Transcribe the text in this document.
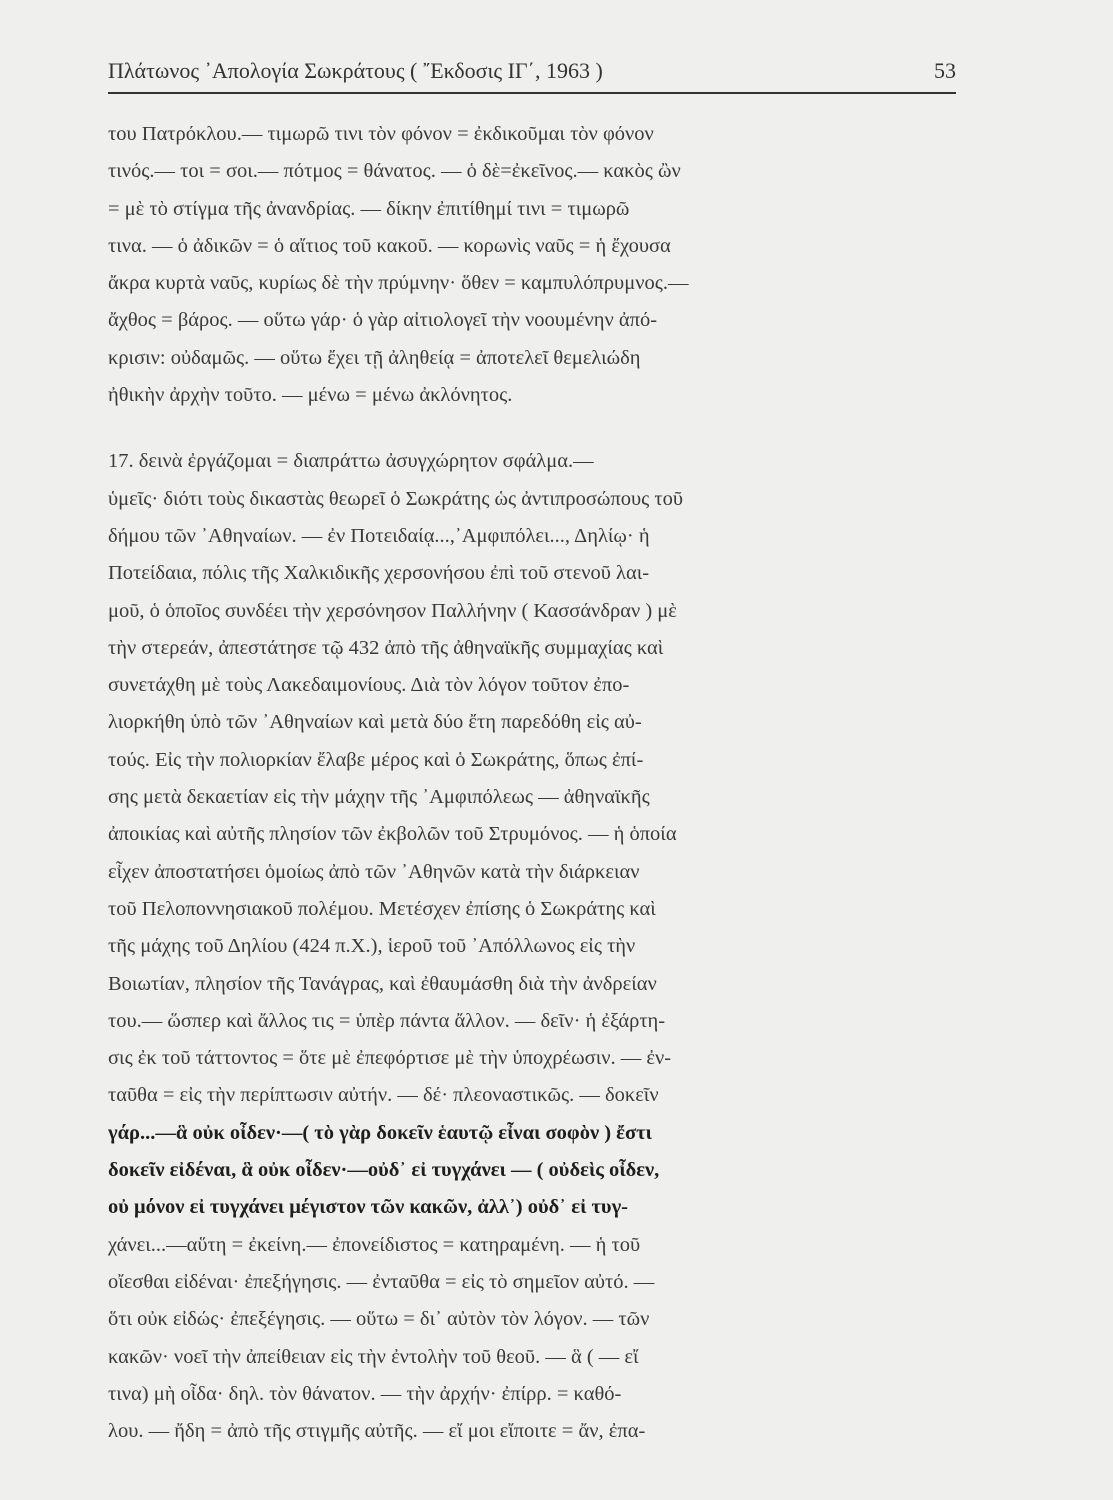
Πλάτωνος ᾿Απολογία Σωκράτους ( ῎Εκδοσις ΙΓ΄, 1963 )	53
του Πατρόκλου.— τιμωρῶ τινι τὸν φόνον = ἐκδικοῦμαι τὸν φόνον
τινός.— τοι = σοι.— πότμος = θάνατος. — ὁ δὲ=ἐκεῖνος.— κακὸς ὢν
= μὲ τὸ στίγμα τῆς ἀνανδρίας. — δίκην ἐπιτίθημί τινι = τιμωρῶ
τινα. — ὁ ἀδικῶν = ὁ αἴτιος τοῦ κακοῦ. — κορωνὶς ναῦς = ἡ ἔχουσα
ἄκρα κυρτὰ ναῦς, κυρίως δὲ τὴν πρύμνην· ὅθεν = καμπυλόπρυμνος.—
ἄχθος = βάρος. — οὕτω γάρ· ὁ γὰρ αἰτιολογεῖ τὴν νοουμένην ἀπό-
κρισιν: οὐδαμῶς. — οὕτω ἔχει τῇ ἀληθείᾳ = ἀποτελεῖ θεμελιώδη
ἠθικὴν ἀρχὴν τοῦτο. — μένω = μένω ἀκλόνητος.
17. δεινὰ ἐργάζομαι = διαπράττω ἀσυγχώρητον σφάλμα.—
ὑμεῖς· διότι τοὺς δικαστὰς θεωρεῖ ὁ Σωκράτης ὡς ἀντιπροσώπους τοῦ
δήμου τῶν ᾿Αθηναίων. — ἐν Ποτειδαίᾳ...,᾿Αμφιπόλει..., Δηλίῳ· ἡ
Ποτείδαια, πόλις τῆς Χαλκιδικῆς χερσονήσου ἐπὶ τοῦ στενοῦ λαι-
μοῦ, ὁ ὁποῖος συνδέει τὴν χερσόνησον Παλλήνην ( Κασσάνδραν ) μὲ
τὴν στερεάν, ἀπεστάτησε τῷ 432 ἀπὸ τῆς ἀθηναϊκῆς συμμαχίας καὶ
συνετάχθη μὲ τοὺς Λακεδαιμονίους. Διὰ τὸν λόγον τοῦτον ἐπο-
λιορκήθη ὑπὸ τῶν ᾿Αθηναίων καὶ μετὰ δύο ἔτη παρεδόθη εἰς αὐ-
τούς. Εἰς τὴν πολιορκίαν ἔλαβε μέρος καὶ ὁ Σωκράτης, ὅπως ἐπί-
σης μετὰ δεκαετίαν εἰς τὴν μάχην τῆς ᾿Αμφιπόλεως — ἀθηναϊκῆς
ἀποικίας καὶ αὐτῆς πλησίον τῶν ἐκβολῶν τοῦ Στρυμόνος. — ἡ ὁποία
εἶχεν ἀποστατήσει ὁμοίως ἀπὸ τῶν ᾿Αθηνῶν κατὰ τὴν διάρκειαν
τοῦ Πελοποννησιακοῦ πολέμου. Μετέσχεν ἐπίσης ὁ Σωκράτης καὶ
τῆς μάχης τοῦ Δηλίου (424 π.Χ.), ἱεροῦ τοῦ ᾿Απόλλωνος εἰς τὴν
Βοιωτίαν, πλησίον τῆς Τανάγρας, καὶ ἐθαυμάσθη διὰ τὴν ἀνδρείαν
του.— ὥσπερ καὶ ἄλλος τις = ὑπὲρ πάντα ἄλλον. — δεῖν· ἡ ἐξάρτη-
σις ἐκ τοῦ τάττοντος = ὅτε μὲ ἐπεφόρτισε μὲ τὴν ὑποχρέωσιν. — ἐν-
ταῦθα = εἰς τὴν περίπτωσιν αὐτήν. — δέ· πλεοναστικῶς. — δοκεῖν
γάρ...—ἃ οὐκ οἶδεν·—( τὸ γὰρ δοκεῖν ἑαυτῷ εἶναι σοφὸν ) ἔστι
δοκεῖν εἰδέναι, ἃ οὐκ οἶδεν·—οὐδ᾿ εἰ τυγχάνει — ( οὐδεὶς οἶδεν,
οὐ μόνον εἰ τυγχάνει μέγιστον τῶν κακῶν, ἀλλ᾿) οὐδ᾿ εἰ τυγ-
χάνει...—αὕτη = ἐκείνη.— ἐπονείδιστος = κατηραμένη. — ἡ τοῦ
οἴεσθαι εἰδέναι· ἐπεξήγησις. — ἐνταῦθα = εἰς τὸ σημεῖον αὐτό. —
ὅτι οὐκ εἰδώς· ἐπεξέγησις. — οὕτω = δι᾿ αὐτὸν τὸν λόγον. — τῶν
κακῶν· νοεῖ τὴν ἀπείθειαν εἰς τὴν ἐντολὴν τοῦ θεοῦ. — ἃ ( — εἴ
τινα) μὴ οἶδα· δηλ. τὸν θάνατον. — τὴν ἀρχήν· ἐπίρρ. = καθό-
λου. — ἤδη = ἀπὸ τῆς στιγμῆς αὐτῆς. — εἴ μοι εἴποιτε = ἄν, ἐπα-
